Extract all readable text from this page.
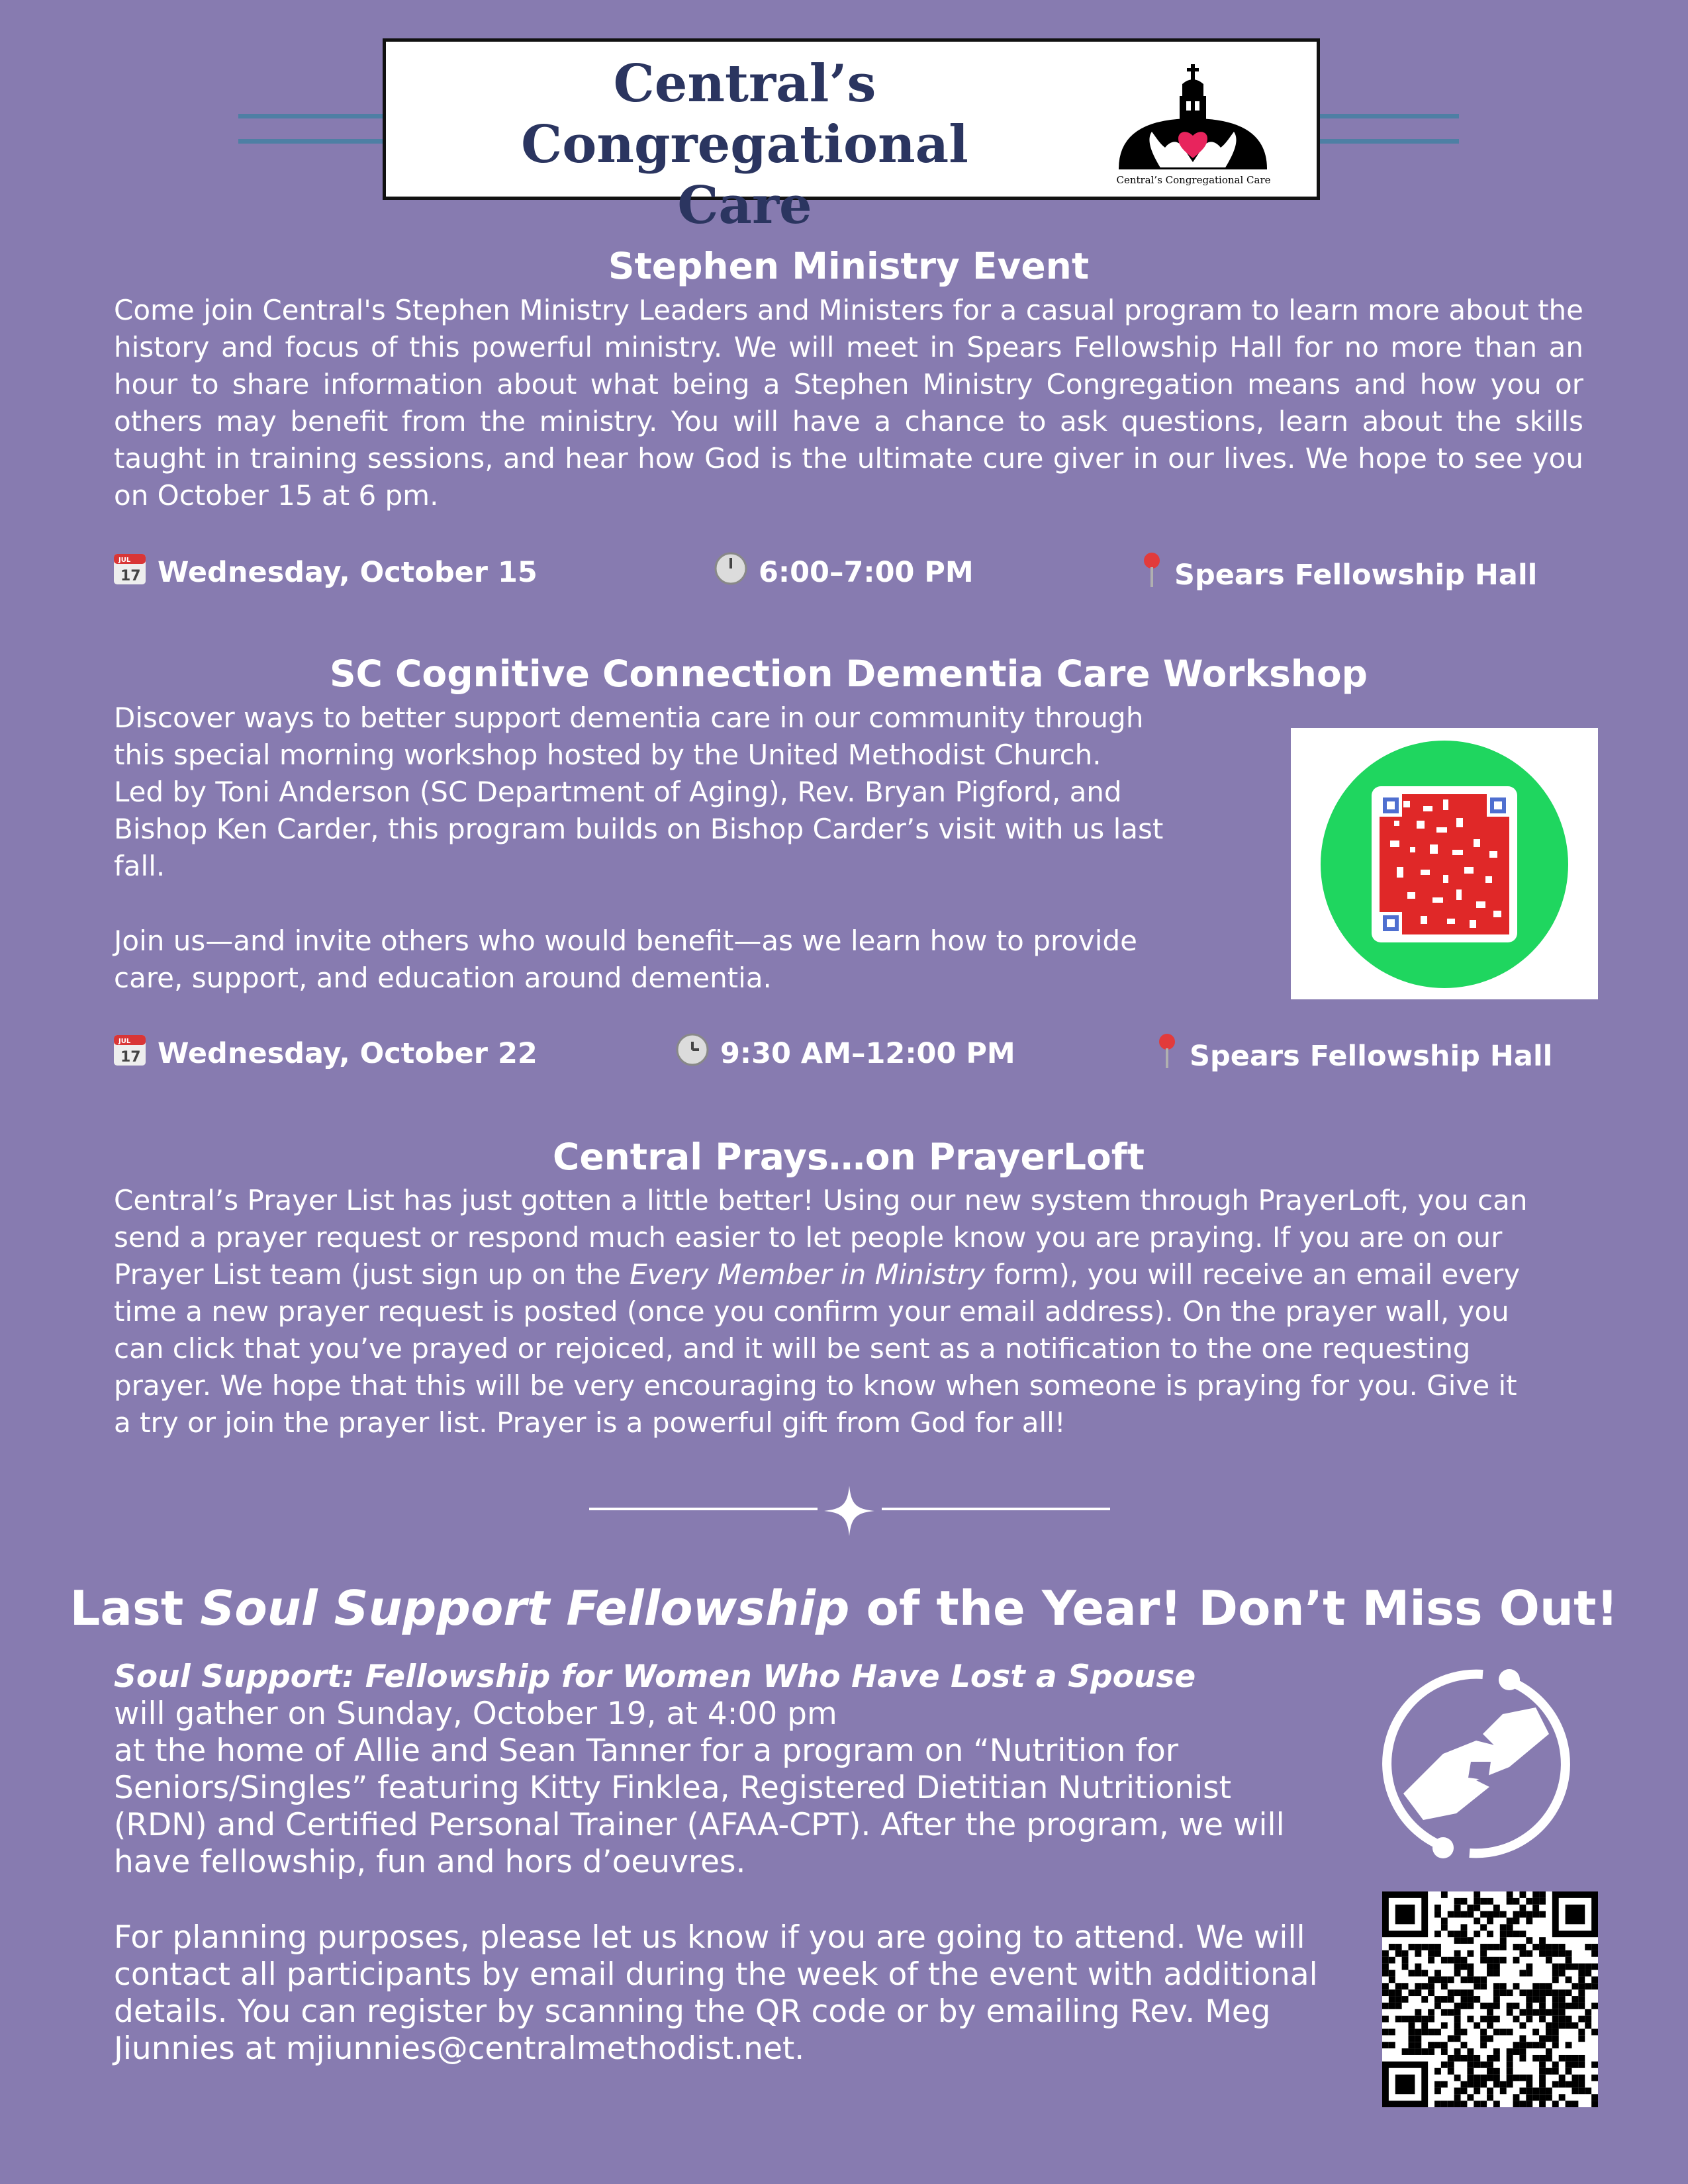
Central’s
Congregational Care	Central’s Congregational Care
Stephen Ministry Event

Come join Central's Stephen Ministry Leaders and Ministers for a casual program to learn more about the history and focus of this powerful ministry. We will meet in Spears Fellowship Hall for no more than an hour to share information about what being a Stephen Ministry Congregation means and how you or others may benefit from the ministry. You will have a chance to ask questions, learn about the skills taught in training sessions, and hear how God is the ultimate cure giver in our lives. We hope to see you on October 15 at 6 pm.

JUL
17 Wednesday, October 15	6:00–7:00 PM	Spears Fellowship Hall
SC Cognitive Connection Dementia Care Workshop
Discover ways to better support dementia care in our community through
this special morning workshop hosted by the United Methodist Church.
Led by Toni Anderson (SC Department of Aging), Rev. Bryan Pigford, and
Bishop Ken Carder, this program builds on Bishop Carder’s visit with us last
fall.
Join us—and invite others who would benefit—as we learn how to provide
care, support, and education around dementia.
JUL
17 Wednesday, October 22	9:30 AM–12:00 PM	Spears Fellowship Hall
Central Prays…on PrayerLoft
Central’s Prayer List has just gotten a little better! Using our new system through PrayerLoft, you can
send a prayer request or respond much easier to let people know you are praying. If you are on our
Prayer List team (just sign up on the Every Member in Ministry form), you will receive an email every
time a new prayer request is posted (once you confirm your email address). On the prayer wall, you
can click that you’ve prayed or rejoiced, and it will be sent as a notification to the one requesting
prayer. We hope that this will be very encouraging to know when someone is praying for you. Give it
a try or join the prayer list. Prayer is a powerful gift from God for all!
Last Soul Support Fellowship of the Year! Don’t Miss Out!
Soul Support: Fellowship for Women Who Have Lost a Spouse
will gather on Sunday, October 19, at 4:00 pm
at the home of Allie and Sean Tanner for a program on “Nutrition for
Seniors/Singles” featuring Kitty Finklea, Registered Dietitian Nutritionist
(RDN) and Certified Personal Trainer (AFAA-CPT). After the program, we will
have fellowship, fun and hors d’oeuvres.
For planning purposes, please let us know if you are going to attend. We will
contact all participants by email during the week of the event with additional
details. You can register by scanning the QR code or by emailing Rev. Meg
Jiunnies at mjiunnies@centralmethodist.net.
